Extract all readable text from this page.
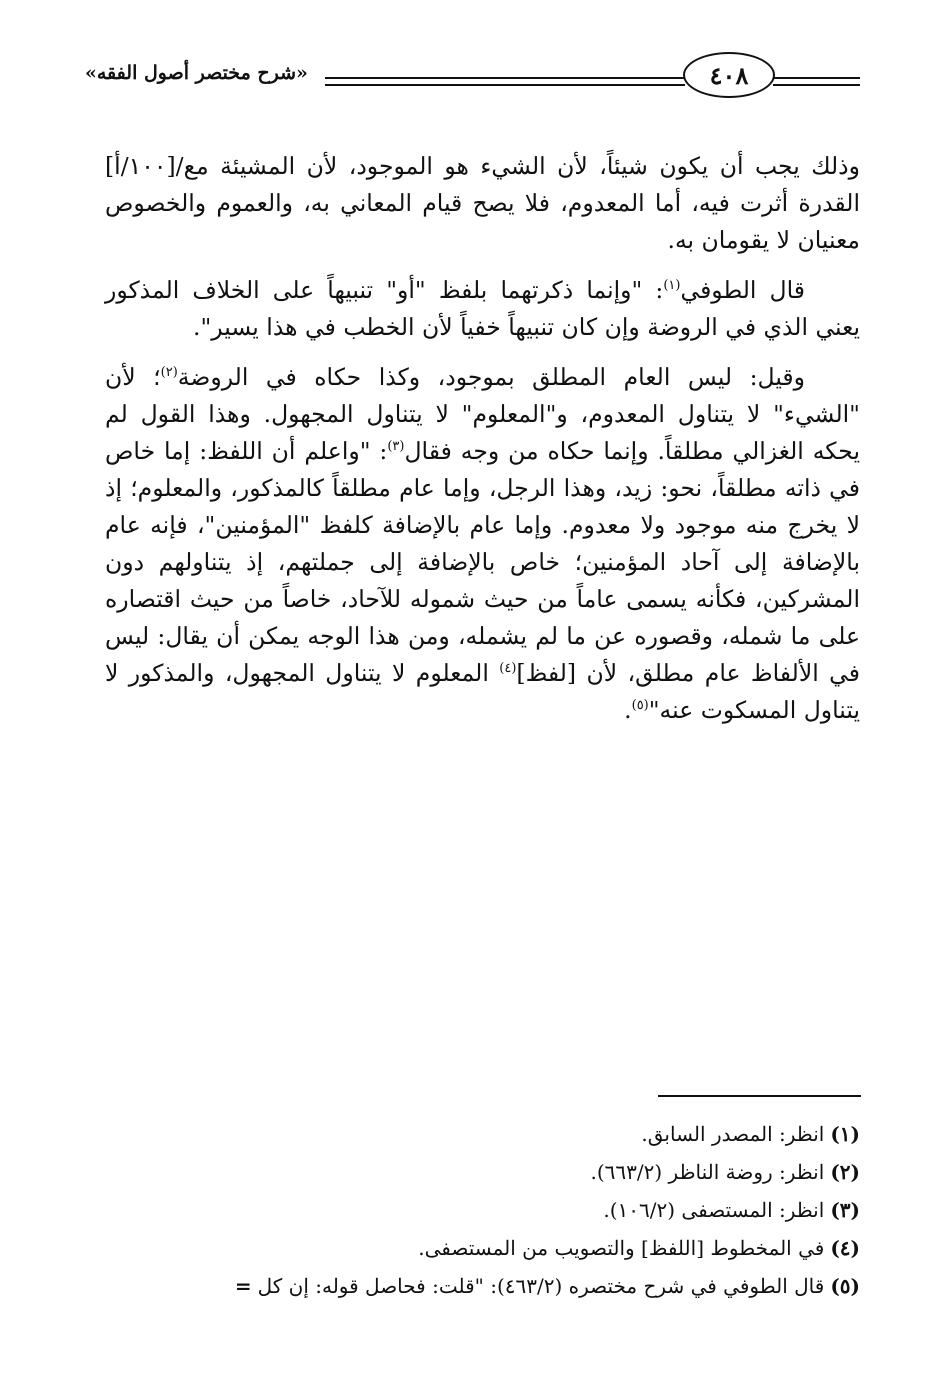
«شرح مختصر أصول الفقه»	٤٠٨

وذلك يجب أن يكون شيئاً، لأن الشيء هو الموجود، لأن المشيئة مع/[١٠٠/أ] القدرة أثرت فيه، أما المعدوم، فلا يصح قيام المعاني به، والعموم والخصوص معنيان لا يقومان به.

قال الطوفي$^{(١)}$: "وإنما ذكرتهما بلفظ "أو" تنبيهاً على الخلاف المذكور يعني الذي في الروضة وإن كان تنبيهاً خفياً لأن الخطب في هذا يسير".

وقيل: ليس العام المطلق بموجود، وكذا حكاه في الروضة$^{(٢)}$؛ لأن "الشيء" لا يتناول المعدوم، و"المعلوم" لا يتناول المجهول. وهذا القول لم يحكه الغزالي مطلقاً. وإنما حكاه من وجه فقال$^{(٣)}$: "واعلم أن اللفظ: إما خاص في ذاته مطلقاً، نحو: زيد، وهذا الرجل، وإما عام مطلقاً كالمذكور، والمعلوم؛ إذ لا يخرج منه موجود ولا معدوم. وإما عام بالإضافة كلفظ "المؤمنين"، فإنه عام بالإضافة إلى آحاد المؤمنين؛ خاص بالإضافة إلى جملتهم، إذ يتناولهم دون المشركين، فكأنه يسمى عاماً من حيث شموله للآحاد، خاصاً من حيث اقتصاره على ما شمله، وقصوره عن ما لم يشمله، ومن هذا الوجه يمكن أن يقال: ليس في الألفاظ عام مطلق، لأن [لفظ]$^{(٤)}$ المعلوم لا يتناول المجهول، والمذكور لا يتناول المسكوت عنه"$^{(٥)}$.

(١)انظر: المصدر السابق.
(٢)انظر: روضة الناظر (٦٦٣/٢).
(٣)انظر: المستصفى (١٠٦/٢).
(٤)في المخطوط [اللفظ] والتصويب من المستصفى.
(٥)قال الطوفي في شرح مختصره (٤٦٣/٢): "قلت: فحاصل قوله: إن كل=
